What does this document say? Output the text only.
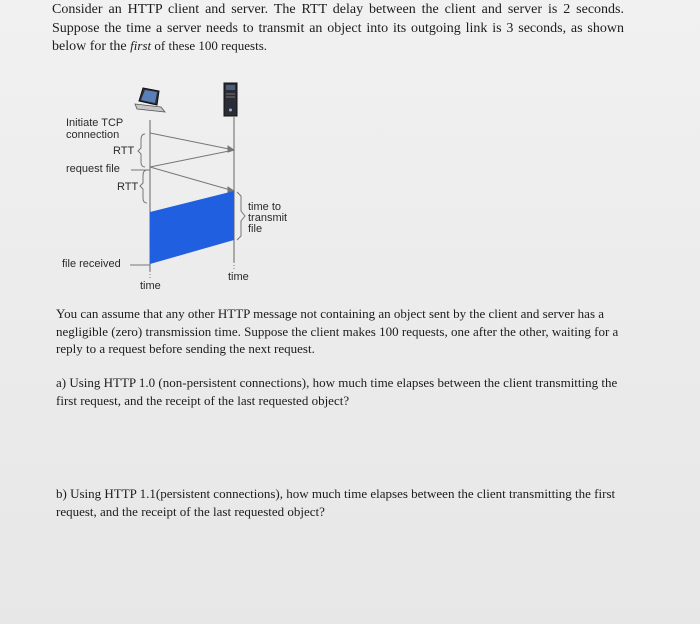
Consider an HTTP client and server. The RTT delay between the client and server is 2 seconds. Suppose the time a server needs to transmit an object into its outgoing link is 3 seconds, as shown below for the first of these 100 requests.

Initiate TCP
connection
RTT
request file
RTT
time to
transmit
file
file received
time
time

You can assume that any other HTTP message not containing an object sent by the client and server has a negligible (zero) transmission time. Suppose the client makes 100 requests, one after the other, waiting for a reply to a request before sending the next request.

a) Using HTTP 1.0 (non-persistent connections), how much time elapses between the client transmitting the first request, and the receipt of the last requested object?

b) Using HTTP 1.1(persistent connections), how much time elapses between the client transmitting the first request, and the receipt of the last requested object?
